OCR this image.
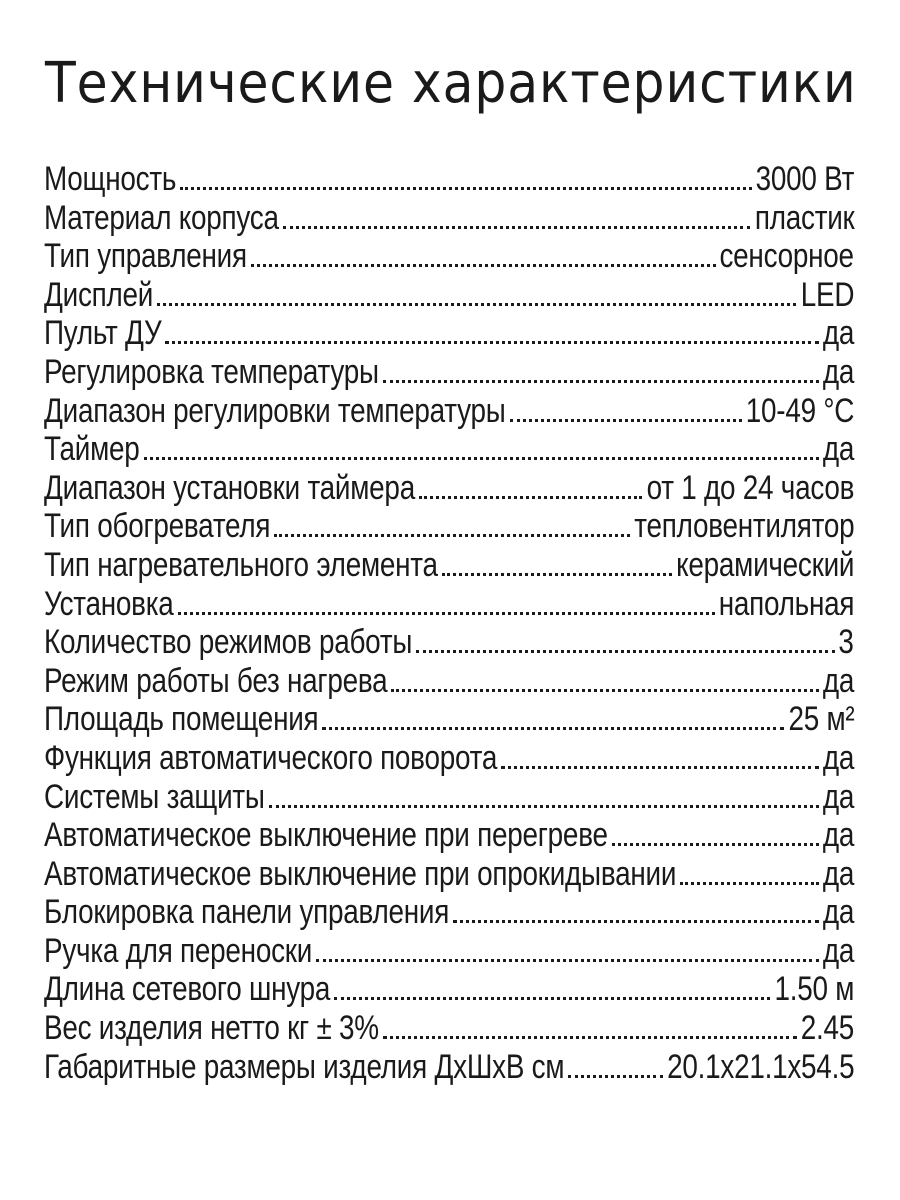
Технические характеристики
Мощность	3000 Вт
Материал корпуса	пластик
Тип управления	сенсорное
Дисплей	LED
Пульт ДУ	да
Регулировка температуры	да
Диапазон регулировки температуры	10-49 °С
Таймер	да
Диапазон установки таймера	от 1 до 24 часов
Тип обогревателя	тепловентилятор
Тип нагревательного элемента	керамический
Установка	напольная
Количество режимов работы	3
Режим работы без нагрева	да
Площадь помещения	25 м²
Функция автоматического поворота	да
Системы защиты	да
Автоматическое выключение при перегреве	да
Автоматическое выключение при опрокидывании	да
Блокировка панели управления	да
Ручка для переноски	да
Длина сетевого шнура	1.50 м
Вес изделия нетто кг ± 3%	2.45
Габаритные размеры изделия ДхШхВ см	20.1x21.1x54.5
